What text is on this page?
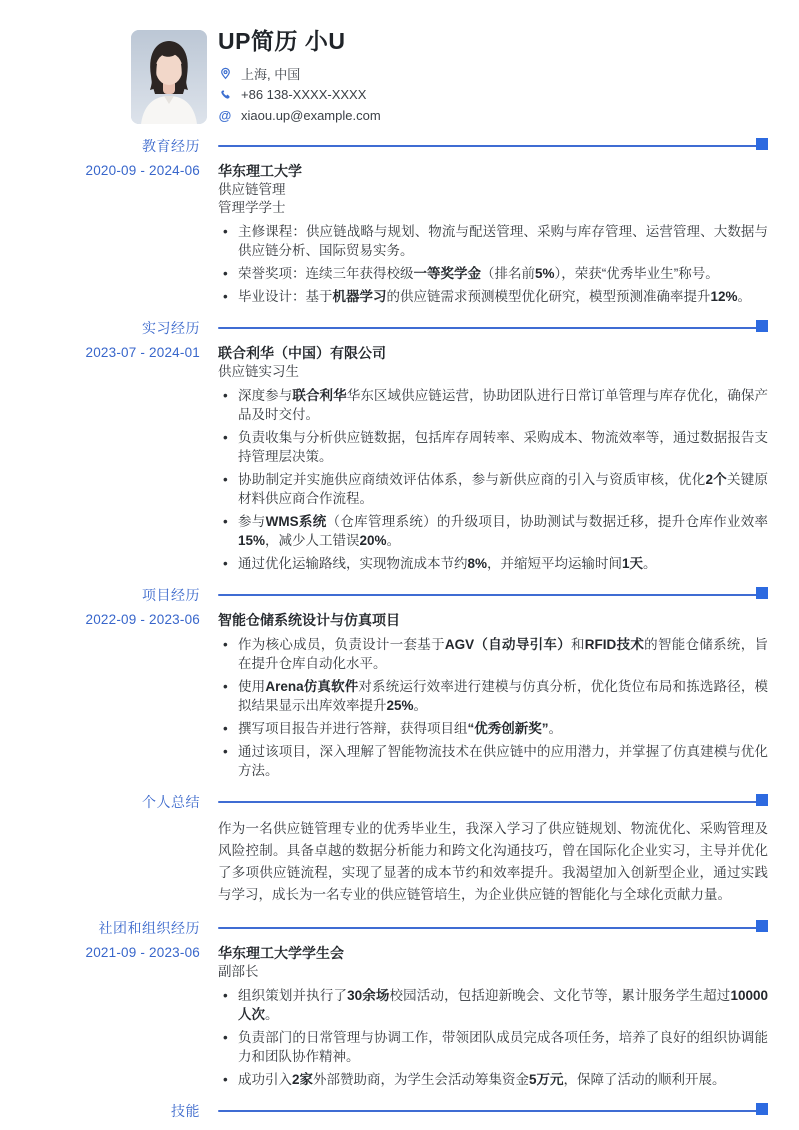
UP简历 小U
上海, 中国
+86 138-XXXX-XXXX
@ xiaou.up@example.com
教育经历
2020-09 - 2024-06 华东理工大学
供应链管理
管理学学士
• 主修课程：供应链战略与规划、物流与配送管理、采购与库存管理、运营管理、大数据与供应链分析、国际贸易实务。
• 荣誉奖项：连续三年获得校级一等奖学金（排名前5%），荣获“优秀毕业生”称号。
• 毕业设计：基于机器学习的供应链需求预测模型优化研究，模型预测准确率提升12%。
实习经历
2023-07 - 2024-01 联合利华（中国）有限公司
供应链实习生
• 深度参与联合利华华东区域供应链运营，协助团队进行日常订单管理与库存优化，确保产品及时交付。
• 负责收集与分析供应链数据，包括库存周转率、采购成本、物流效率等，通过数据报告支持管理层决策。
• 协助制定并实施供应商绩效评估体系，参与新供应商的引入与资质审核，优化2个关键原材料供应商合作流程。
• 参与WMS系统（仓库管理系统）的升级项目，协助测试与数据迁移，提升仓库作业效率15%，减少人工错误20%。
• 通过优化运输路线，实现物流成本节约8%，并缩短平均运输时间1天。
项目经历
2022-09 - 2023-06 智能仓储系统设计与仿真项目
• 作为核心成员，负责设计一套基于AGV（自动导引车）和RFID技术的智能仓储系统，旨在提升仓库自动化水平。
• 使用Arena仿真软件对系统运行效率进行建模与仿真分析，优化货位布局和拣选路径，模拟结果显示出库效率提升25%。
• 撰写项目报告并进行答辩，获得项目组“优秀创新奖”。
• 通过该项目，深入理解了智能物流技术在供应链中的应用潜力，并掌握了仿真建模与优化方法。
个人总结
作为一名供应链管理专业的优秀毕业生，我深入学习了供应链规划、物流优化、采购管理及风险控制。具备卓越的数据分析能力和跨文化沟通技巧，曾在国际化企业实习，主导并优化了多项供应链流程，实现了显著的成本节约和效率提升。我渴望加入创新型企业，通过实践与学习，成长为一名专业的供应链管培生，为企业供应链的智能化与全球化贡献力量。
社团和组织经历
2021-09 - 2023-06 华东理工大学学生会
副部长
• 组织策划并执行了30余场校园活动，包括迎新晚会、文化节等，累计服务学生超过10000人次。
• 负责部门的日常管理与协调工作，带领团队成员完成各项任务，培养了良好的组织协调能力和团队协作精神。
• 成功引入2家外部赞助商，为学生会活动筹集资金5万元，保障了活动的顺利开展。
技能
